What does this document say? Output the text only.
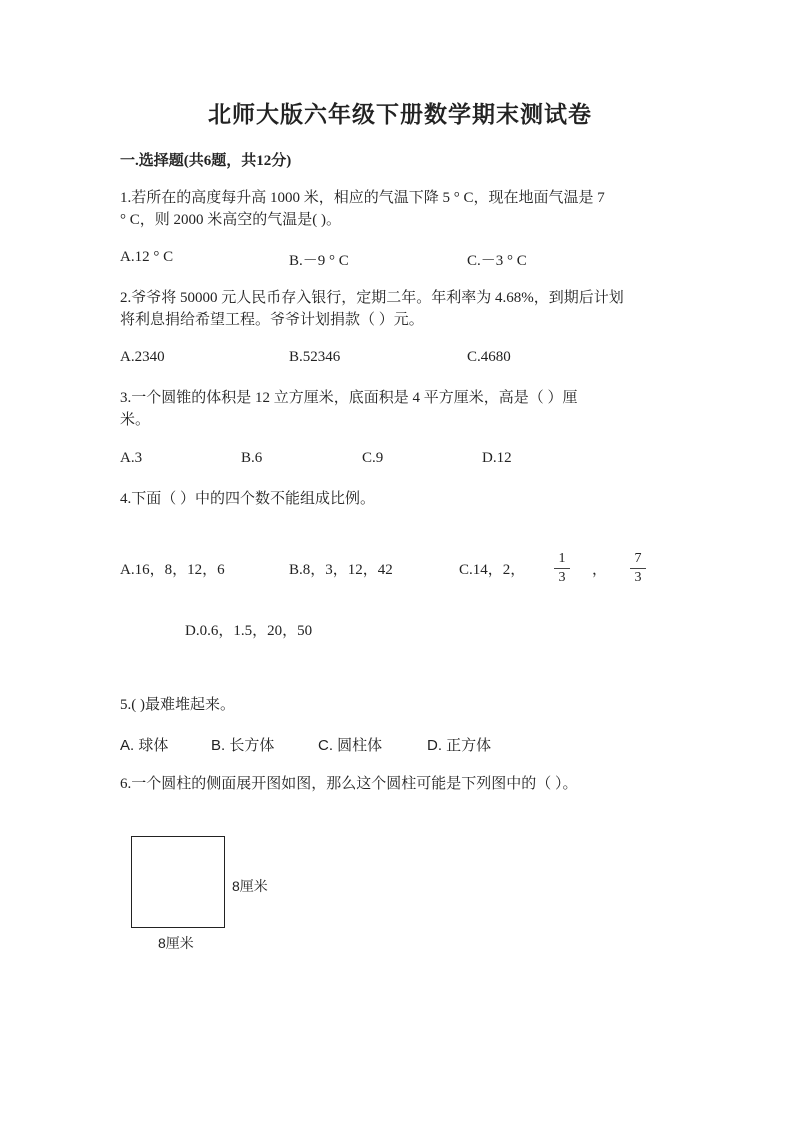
北师大版六年级下册数学期末测试卷
一.选择题(共6题，共12分)
1.若所在的高度每升高 1000 米，相应的气温下降 5 ° C，现在地面气温是 7
° C，则 2000 米高空的气温是( )。
A.12 ° C	B.－9 ° C	C.－3 ° C
2.爷爷将 50000 元人民币存入银行，定期二年。年利率为 4.68%，到期后计划
将利息捐给希望工程。爷爷计划捐款（ ）元。
A.2340	B.52346	C.4680
3.一个圆锥的体积是 12 立方厘米，底面积是 4 平方厘米，高是（ ）厘
米。
A.3	B.6	C.9	D.12
4.下面（ ）中的四个数不能组成比例。
A.16，8，12，6	B.8，3，12，42	C.14，2，
1
3	，
7
3
D.0.6，1.5，20，50
5.( )最难堆起来。
A. 球体	B. 长方体	C. 圆柱体	D. 正方体
6.一个圆柱的侧面展开图如图，那么这个圆柱可能是下列图中的（ ）。
8厘米
8厘米
